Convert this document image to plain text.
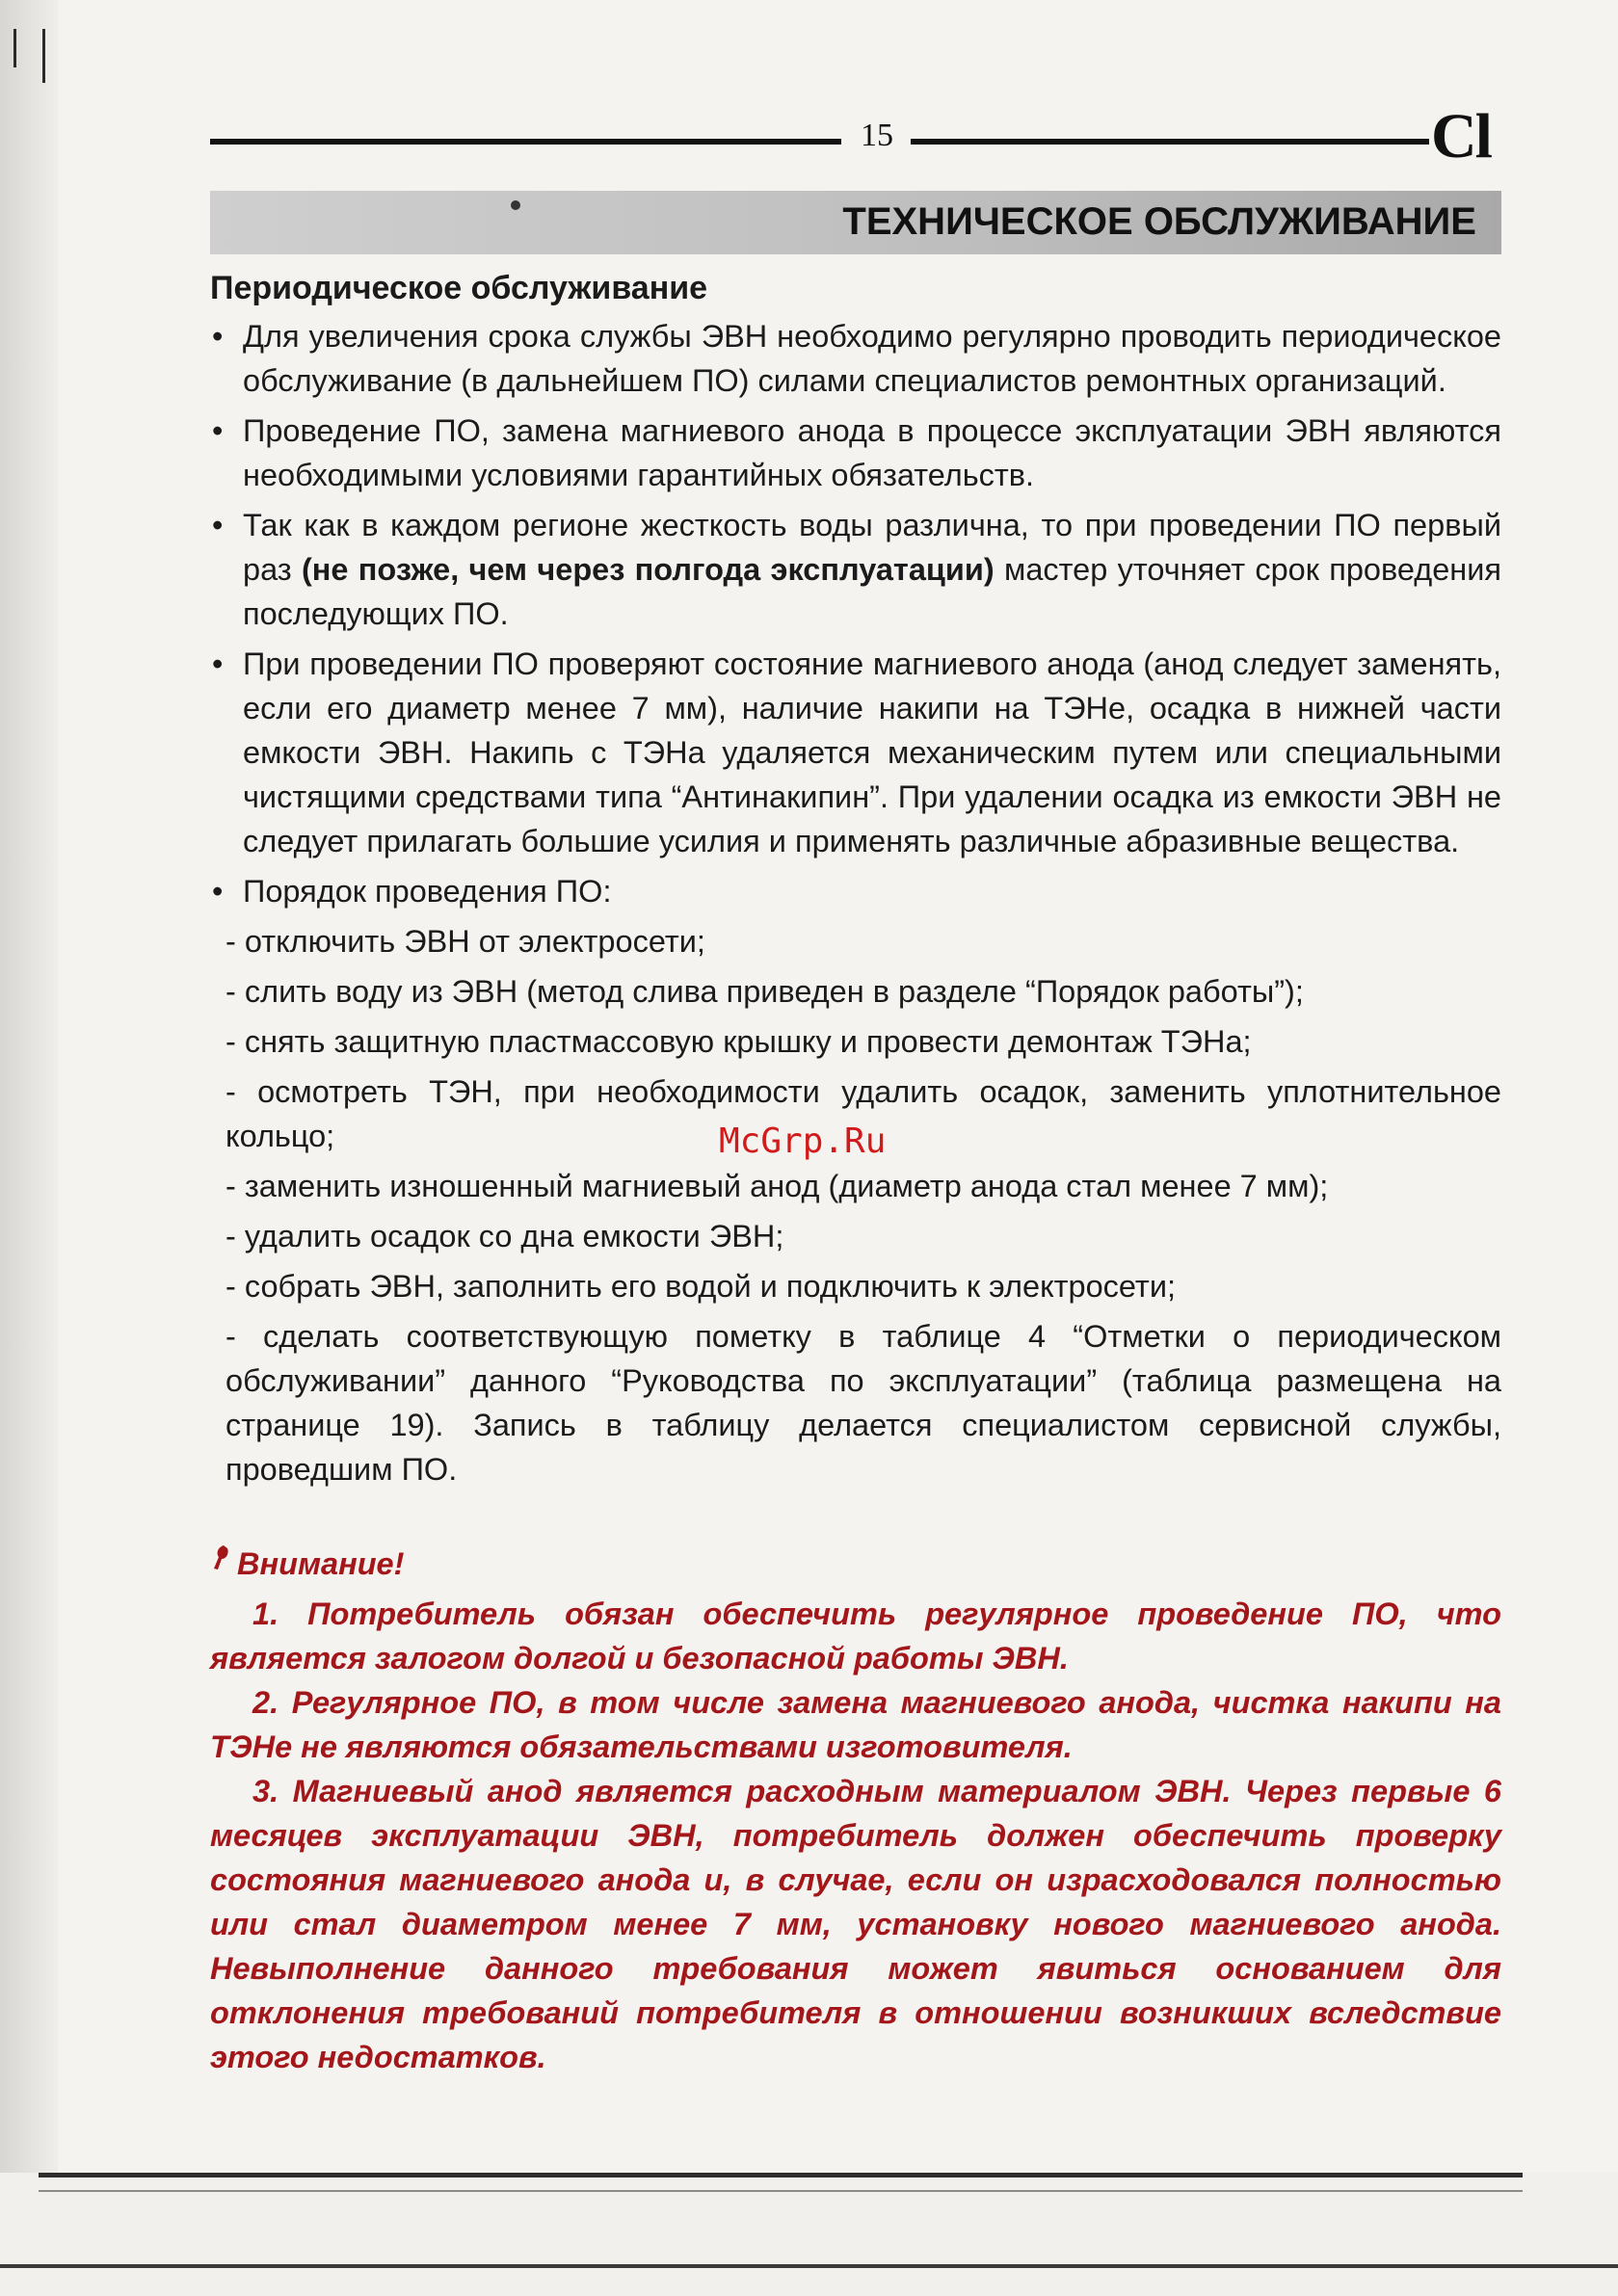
15	Cl
ТЕХНИЧЕСКОЕ ОБСЛУЖИВАНИЕ
Периодическое обслуживание
• Для увеличения срока службы ЭВН необходимо регулярно проводить периодическое обслуживание (в дальнейшем ПО) силами специалистов ремонтных организаций.
• Проведение ПО, замена магниевого анода в процессе эксплуатации ЭВН являются необходимыми условиями гарантийных обязательств.
• Так как в каждом регионе жесткость воды различна, то при проведении ПО первый раз (не позже, чем через полгода эксплуатации) мастер уточняет срок проведения последующих ПО.
• При проведении ПО проверяют состояние магниевого анода (анод следует заменять, если его диаметр менее 7 мм), наличие накипи на ТЭНе, осадка в нижней части емкости ЭВН. Накипь с ТЭНа удаляется механическим путем или специальными чистящими средствами типа “Антинакипин”. При удалении осадка из емкости ЭВН не следует прилагать большие усилия и применять различные абразивные вещества.
• Порядок проведения ПО:
- отключить ЭВН от электросети;
- слить воду из ЭВН (метод слива приведен в разделе “Порядок работы”);
- снять защитную пластмассовую крышку и провести демонтаж ТЭНа;
- осмотреть ТЭН, при необходимости удалить осадок, заменить уплотнительное кольцо;
- заменить изношенный магниевый анод (диаметр анода стал менее 7 мм);
- удалить осадок со дна емкости ЭВН;
- собрать ЭВН, заполнить его водой и подключить к электросети;
- сделать соответствующую пометку в таблице 4 “Отметки о периодическом обслуживании” данного “Руководства по эксплуатации” (таблица размещена на странице 19). Запись в таблицу делается специалистом сервисной службы, проведшим ПО.
McGrp.Ru
Внимание!
1. Потребитель обязан обеспечить регулярное проведение ПО, что является залогом долгой и безопасной работы ЭВН.
2. Регулярное ПО, в том числе замена магниевого анода, чистка накипи на ТЭНе не являются обязательствами изготовителя.
3. Магниевый анод является расходным материалом ЭВН. Через первые 6 месяцев эксплуатации ЭВН, потребитель должен обеспечить проверку состояния магниевого анода и, в случае, если он израсходовался полностью или стал диаметром менее 7 мм, установку нового магниевого анода. Невыполнение данного требования может явиться основанием для отклонения требований потребителя в отношении возникших вследствие этого недостатков.
